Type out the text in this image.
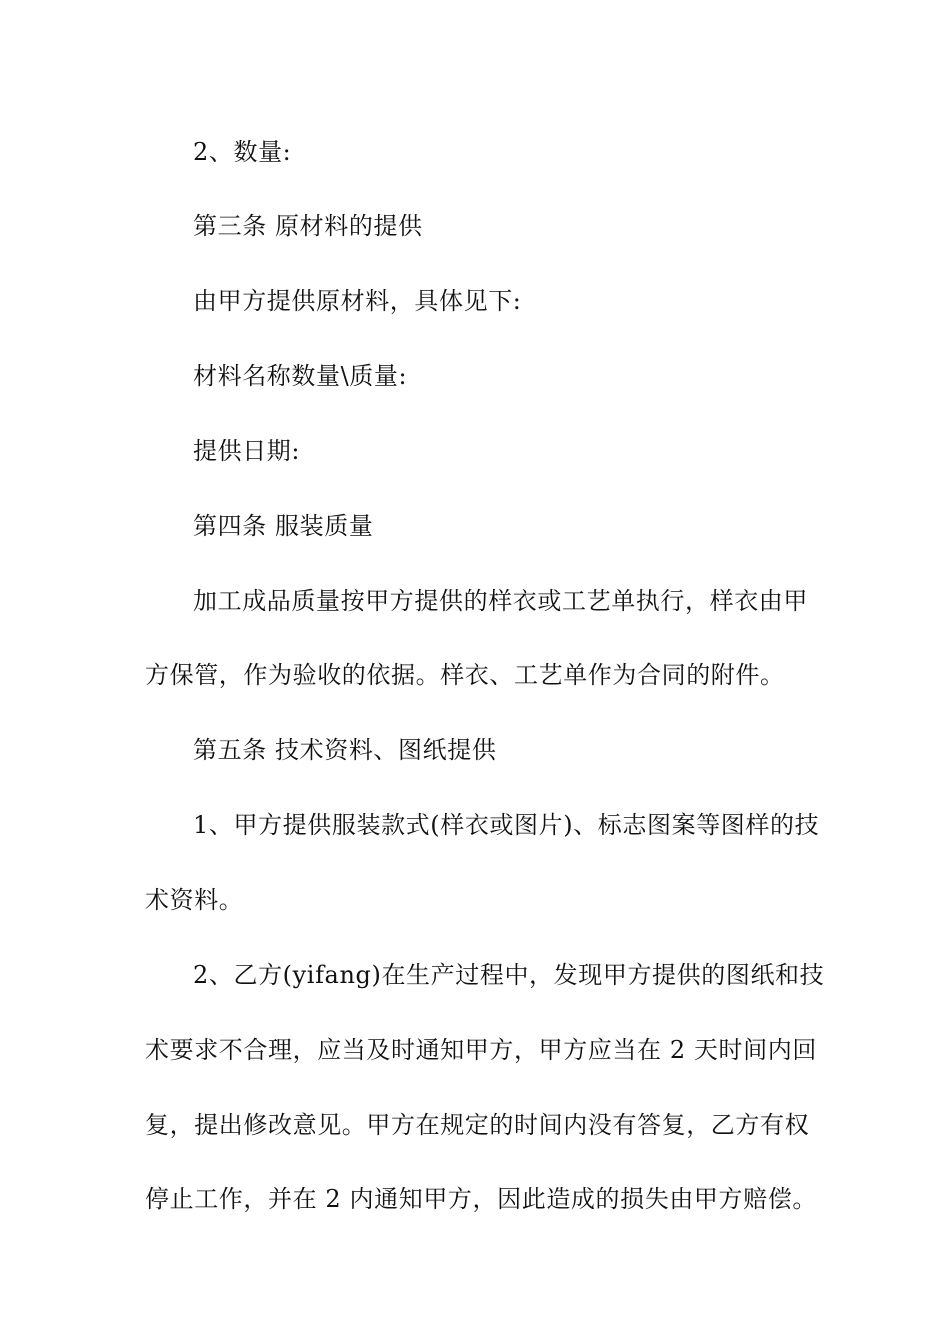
2、数量:
第三条 原材料的提供
由甲方提供原材料，具体见下:
材料名称数量\质量:
提供日期:
第四条 服装质量
加工成品质量按甲方提供的样衣或工艺单执行，样衣由甲
方保管，作为验收的依据。样衣、工艺单作为合同的附件。
第五条 技术资料、图纸提供
1、甲方提供服装款式(样衣或图片)、标志图案等图样的技
术资料。
2、乙方(yifang)在生产过程中，发现甲方提供的图纸和技
术要求不合理，应当及时通知甲方，甲方应当在 2 天时间内回
复，提出修改意见。甲方在规定的时间内没有答复，乙方有权
停止工作，并在 2 内通知甲方，因此造成的损失由甲方赔偿。
